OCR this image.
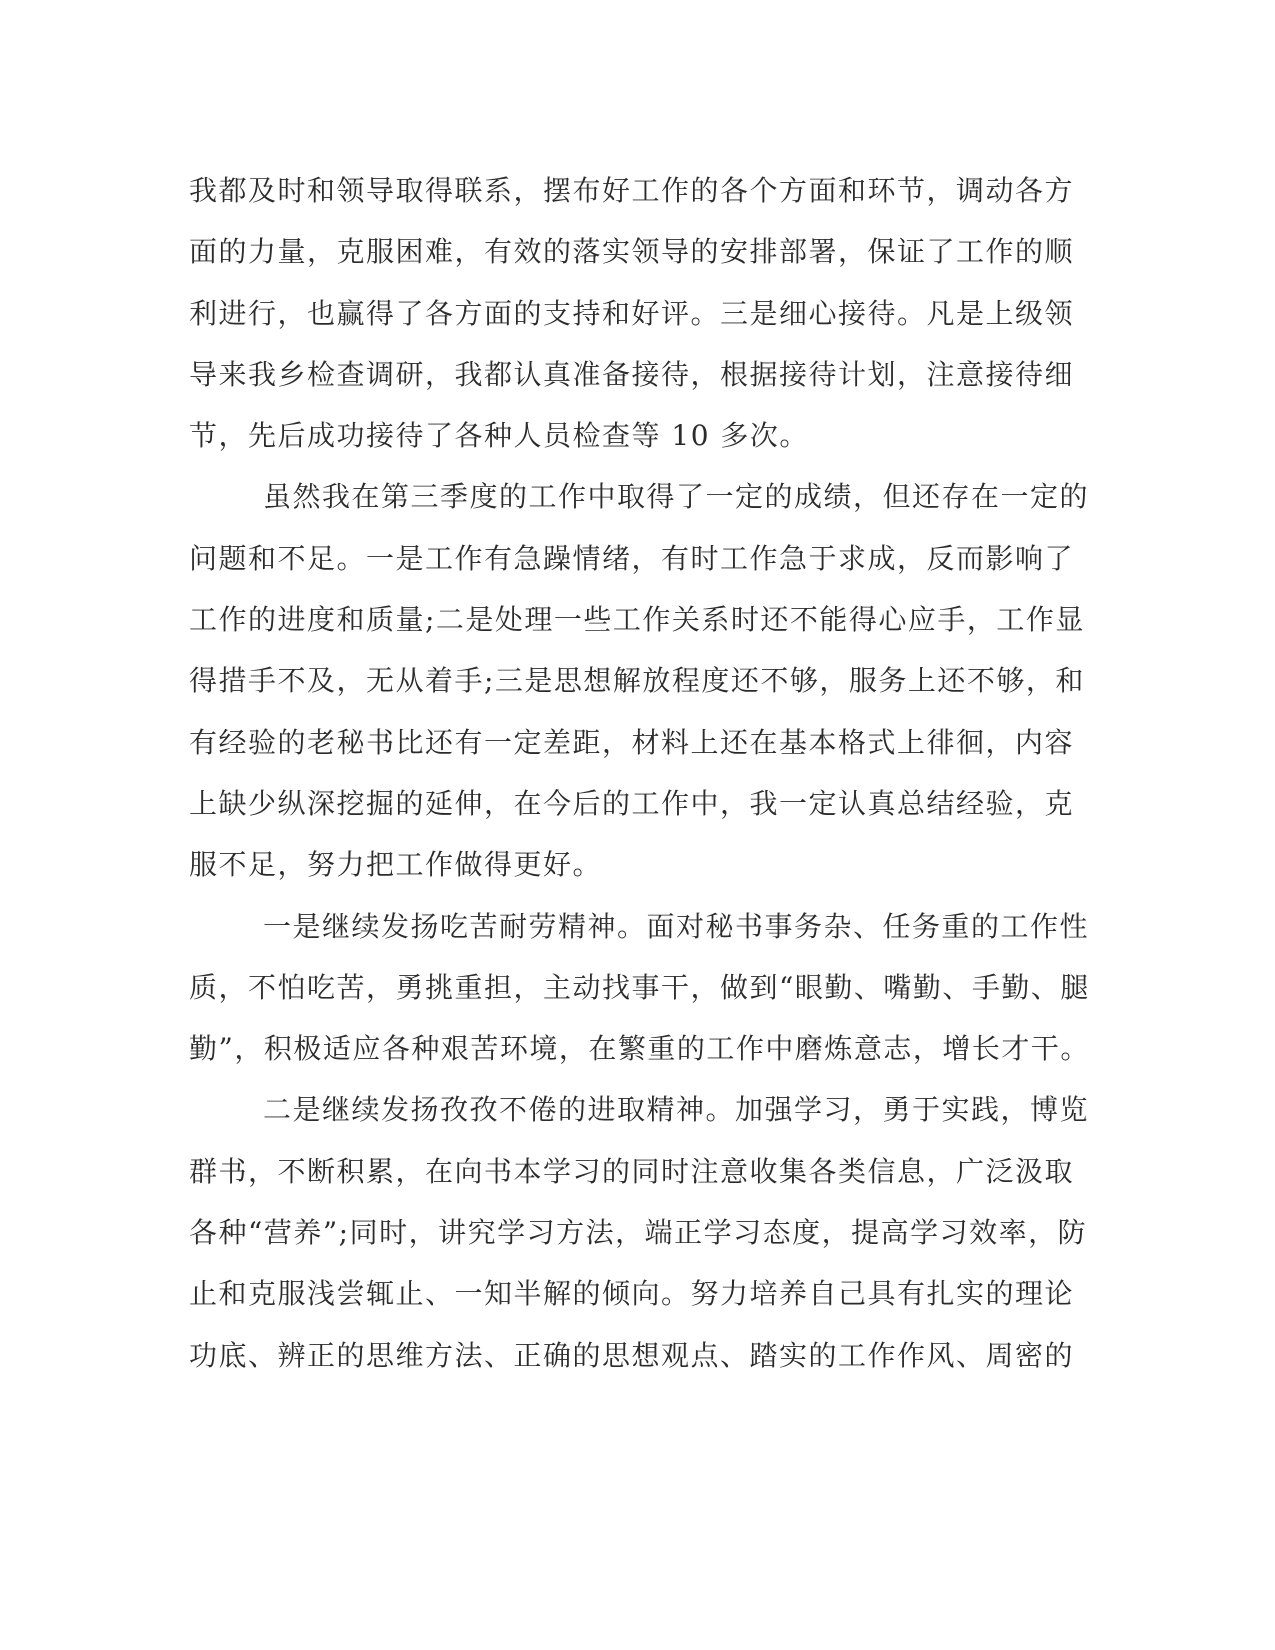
我都及时和领导取得联系，摆布好工作的各个方面和环节，调动各方
面的力量，克服困难，有效的落实领导的安排部署，保证了工作的顺
利进行，也赢得了各方面的支持和好评。三是细心接待。凡是上级领
导来我乡检查调研，我都认真准备接待，根据接待计划，注意接待细
节，先后成功接待了各种人员检查等 10 多次。
虽然我在第三季度的工作中取得了一定的成绩，但还存在一定的
问题和不足。一是工作有急躁情绪，有时工作急于求成，反而影响了
工作的进度和质量;二是处理一些工作关系时还不能得心应手，工作显
得措手不及，无从着手;三是思想解放程度还不够，服务上还不够，和
有经验的老秘书比还有一定差距，材料上还在基本格式上徘徊，内容
上缺少纵深挖掘的延伸，在今后的工作中，我一定认真总结经验，克
服不足，努力把工作做得更好。
一是继续发扬吃苦耐劳精神。面对秘书事务杂、任务重的工作性
质，不怕吃苦，勇挑重担，主动找事干，做到“眼勤、嘴勤、手勤、腿
勤”，积极适应各种艰苦环境，在繁重的工作中磨炼意志，增长才干。
二是继续发扬孜孜不倦的进取精神。加强学习，勇于实践，博览
群书，不断积累，在向书本学习的同时注意收集各类信息，广泛汲取
各种“营养”;同时，讲究学习方法，端正学习态度，提高学习效率，防
止和克服浅尝辄止、一知半解的倾向。努力培养自己具有扎实的理论
功底、辨正的思维方法、正确的思想观点、踏实的工作作风、周密的
